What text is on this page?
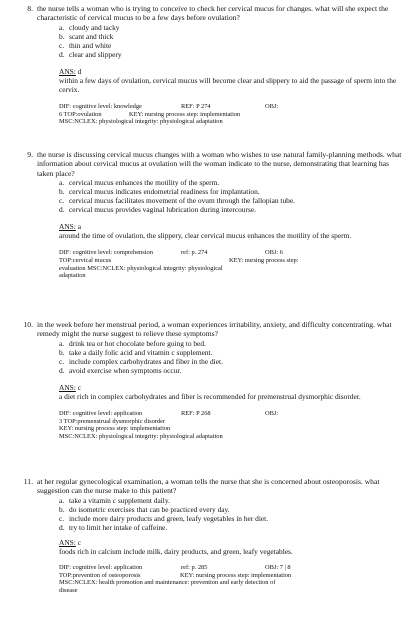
8. the nurse tells a woman who is trying to conceive to check her cervical mucus for changes. what will she expect the characteristic of cervical mucus to be a few days before ovulation?
a. cloudy and tacky
b. scant and thick
c. thin and white
d. clear and slippery
ANS: d
within a few days of ovulation, cervical mucus will become clear and slippery to aid the passage of sperm into the cervix.
DIF: cognitive level: knowledge	REF: P 274	OBJ:
6 TOP:ovulation	KEY: nursing process step: implementation
MSC:NCLEX: physiological integrity: physiological adaptation
9. the nurse is discussing cervical mucus changes with a woman who wishes to use natural family-planning methods. what information about cervical mucus at ovulation will the woman indicate to the nurse, demonstrating that learning has taken place?
a. cervical mucus enhances the motility of the sperm.
b. cervical mucus indicates endometrial readiness for implantation.
c. cervical mucus facilitates movement of the ovum through the fallopian tube.
d. cervical mucus provides vaginal lubrication during intercourse.
ANS: a
around the time of ovulation, the slippery, clear cervical mucus enhances the motility of the sperm.
DIF: cognitive level: comprehension	ref: p. 274	OBJ: 6
TOP:cervical mucus	KEY: nursing process step:
evaluation MSC:NCLEX: physiological integrity: physiological
adaptation
10. in the week before her menstrual period, a woman experiences irritability, anxiety, and difficulty concentrating. what remedy might the nurse suggest to relieve these symptoms?
a. drink tea or hot chocolate before going to bed.
b. take a daily folic acid and vitamin c supplement.
c. include complex carbohydrates and fiber in the diet.
d. avoid exercise when symptoms occur.
ANS: c
a diet rich in complex carbohydrates and fiber is recommended for premenstrual dysmorphic disorder.
DIF: cognitive level: application	REF: P 268	OBJ:
3 TOP:premenstrual dysmorphic disorder
KEY: nursing process step: implementation
MSC:NCLEX: physiological integrity: physiological adaptation
11. at her regular gynecological examination, a woman tells the nurse that she is concerned about osteoporosis. what suggestion can the nurse make to this patient?
a. take a vitamin c supplement daily.
b. do isometric exercises that can be practiced every day.
c. include more dairy products and green, leafy vegetables in her diet.
d. try to limit her intake of caffeine.
ANS: c
foods rich in calcium include milk, dairy products, and green, leafy vegetables.
DIF: cognitive level: application	ref: p. 285	OBJ: 7 | 8
TOP:prevention of osteoporosis	KEY: nursing process step: implementation
MSC:NCLEX: health promotion and maintenance: prevention and early detection of
disease
